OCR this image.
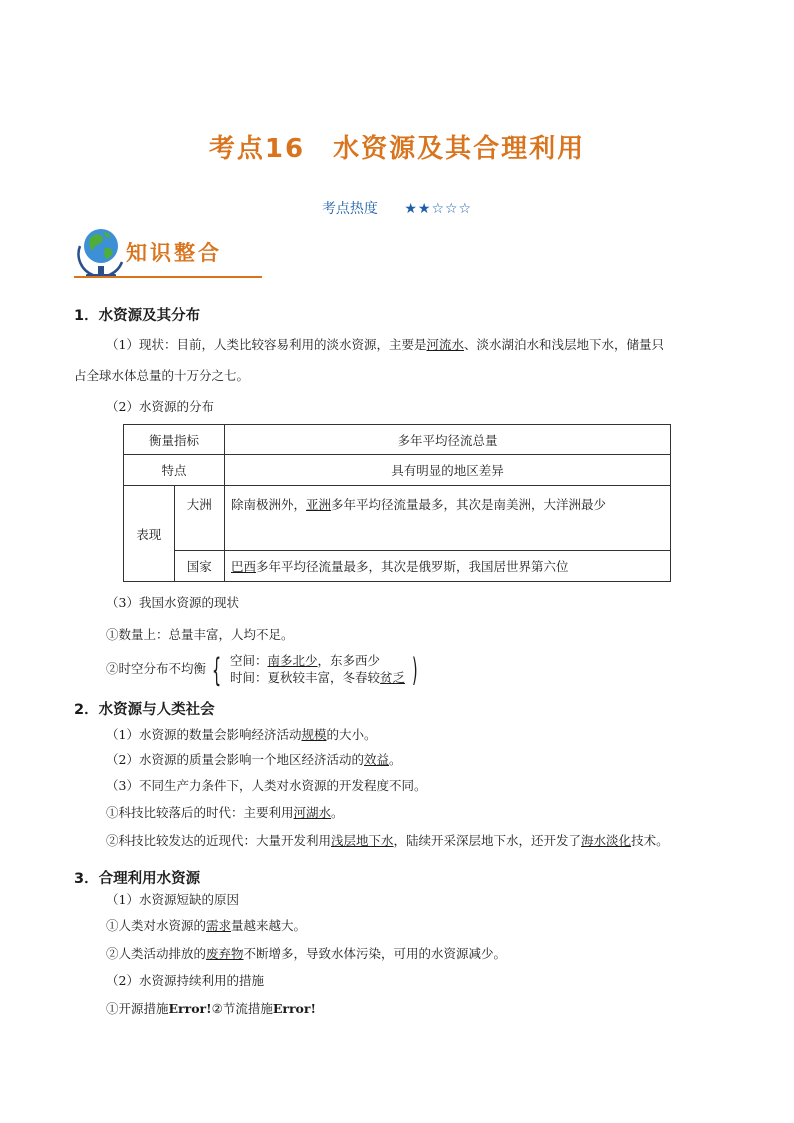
考点16　水资源及其合理利用
考点热度 ★★☆☆☆
知识整合
1．水资源及其分布
（1）现状：目前，人类比较容易利用的淡水资源，主要是河流水、淡水湖泊水和浅层地下水，储量只
占全球水体总量的十万分之七。
（2）水资源的分布
衡量指标		多年平均径流总量
特点		具有明显的地区差异
表现	大洲	除南极洲外，亚洲多年平均径流量最多，其次是南美洲，大洋洲最少
	国家	巴西多年平均径流量最多，其次是俄罗斯，我国居世界第六位
（3）我国水资源的现状
①数量上：总量丰富，人均不足。
②时空分布不均衡 { 空间：南多北少，东多西少
时间：夏秋较丰富，冬春较贫乏 )
2．水资源与人类社会
（1）水资源的数量会影响经济活动规模的大小。
（2）水资源的质量会影响一个地区经济活动的效益。
（3）不同生产力条件下，人类对水资源的开发程度不同。
①科技比较落后的时代：主要利用河湖水。
②科技比较发达的近现代：大量开发利用浅层地下水，陆续开采深层地下水，还开发了海水淡化技术。
3．合理利用水资源
（1）水资源短缺的原因
①人类对水资源的需求量越来越大。
②人类活动排放的废弃物不断增多，导致水体污染，可用的水资源减少。
（2）水资源持续利用的措施
①开源措施Error!②节流措施Error!
